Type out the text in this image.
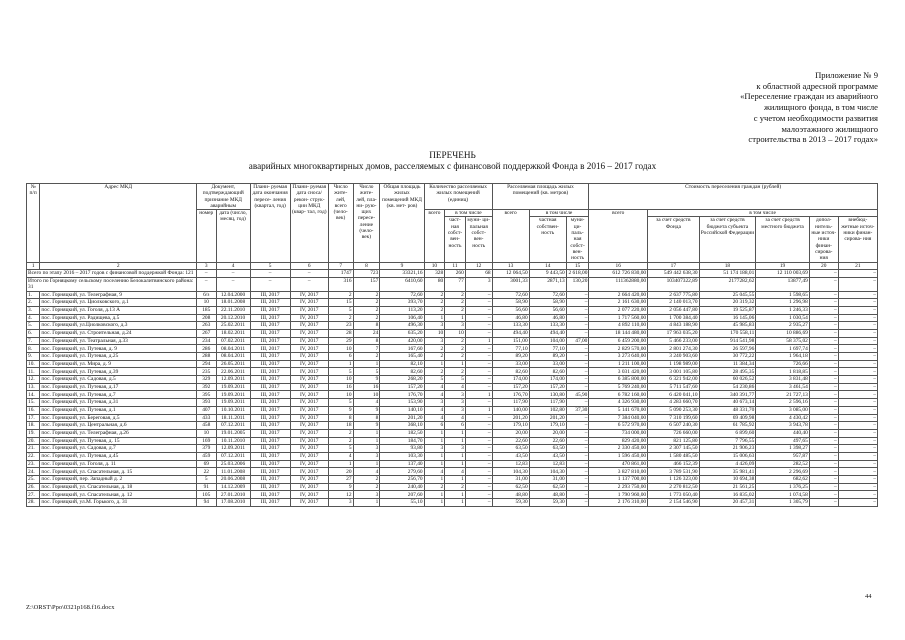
Приложение № 9
к областной адресной программе
«Переселение граждан из аварийного
жилищного фонда, в том числе
с учетом необходимости развития
малоэтажного жилищного
строительства в 2013 – 2017 годах»
ПЕРЕЧЕНЬ
аварийных многоквартирных домов, расселяемых с финансовой поддержкой Фонда в 2016 – 2017 годах
№ п/п	Адрес МКД	Документ, подтверждающий признание МКД аварийным		Плани- руемая дата окончания пересе- ления (квартал, год)	Плани- руемая дата сноса/ рекон- струк- ции МКД (квар- тал, год)	Число жите- лей, всего (чело- век)	Число жите- лей, пла- ни- рую- щих пересе- ление (чело- век)	Общая площадь жилых помещений МКД (кв. мет- ров)	Количество расселяемых жилых помещений (единиц)			Расселяемая площадь жилых помещений (кв. метров)			Стоимость переселения граждан (рублей)					
		номер	дата (число, месяц, год)						всего	в том числе		всего	в том числе		всего	в том числе				
										част- ная собст- вен- ность	муни- ци- пальная собст- вен- ность		частная собствен- ность	муни- ци- паль- ная собст- вен- ность		за счет средств Фонда	за счет средств бюджета субъекта Российской Федерации	за счет средств местного бюджета	допол- нитель- ные источ- ники финан- сирова- ния	внебюд- жетные источ- ники финан- сирова- ния
1	2	3	4	5	6	7	8	9	10	11	12	13	14	15	16	17	18	19	20	21
Всего по этапу 2016 – 2017 годов с финансовой поддержкой Фонда: 121		–	–	–	–	1747	723	33321,16	328	260	68	12 064,50	9 443,50	2 618,00	612 726 830,00	549 442 638,30	51 174 188,01	12 110 003,69	–	–
Итого по Горняцкому сельскому поселению Белокалитвинского района: 31		–	–	–	–	316	157	6410,60	80	77	3	3001,33	2871,13	130,20	111362880,00	103407322,89	2177282,62	13877,49	–	–
1.	пос. Горняцкий, ул. Телеграфная, 9	6/з	12.04.2000	III, 2017	IV, 2017	2	2	72,60	2	2	–	72,60	72,60	–	2 664 420,00	2 637 775,80	25 045,55	1 598,65	–	–
2.	пос. Горняцкий, ул. Циолковского, д.1	10	18.01.2008	III, 2017	IV, 2017	15	2	393,70	2	2	–	58,90	58,90	–	2 161 630,00	2 140 013,70	20 319,32	1 296,98	–	–
3.	пос. Горняцкий, ул. Гоголя, д.13 А	185	22.11.2010	III, 2017	IV, 2017	5	2	113,20	2	2	–	56,60	56,60	–	2 077 220,00	2 056 447,80	19 525,87	1 246,33	–	–
4.	пос. Горняцкий, ул. Радищева, д.5	208	20.12.2010	III, 2017	IV, 2017	2	2	106,40	1	1	–	46,80	46,80	–	1 717 560,00	1 700 384,40	16 145,06	1 030,54	–	–
5.	пос. Горняцкий, ул.Циолковского, д.3	263	25.02.2011	III, 2017	IV, 2017	23	8	496,30	3	3	–	133,30	133,30	–	4 892 110,00	4 843 188,90	45 985,83	2 935,27	–	–
6.	пос. Горняцкий, ул. Строительная, д.24	267	18.02.2011	III, 2017	IV, 2017	28	24	635,20	10	10	–	494,40	494,40	–	18 144 480,00	17 963 035,20	170 558,11	10 886,69	–	–
7.	пос. Горняцкий, ул. Театральная, д.33	234	07.02.2011	III, 2017	IV, 2017	29	8	420,00	3	2	1	151,00	104,00	47,00	6 459 200,00	5 466 233,00	914 541,98	58 375,02	–	–
8.	пос. Горняцкий, ул. Путевая, д. 9	286	08.04.2011	III, 2017	IV, 2017	10	7	167,60	2	2	–	77,10	77,10	–	2 829 570,00	2 801 274,30	26 597,96	1 697,74	–	–
9.	пос. Горняцкий, ул. Путевая, д.25	288	08.04.2011	III, 2017	IV, 2017	6	2	165,40	2	2	–	89,20	89,20	–	3 273 640,00	3 240 903,60	30 772,22	1 964,18	–	–
10.	пос. Горняцкий, ул. Мира, д. 9	294	26.05.2011	III, 2017	IV, 2017	1	1	82,10	1	1	–	33,00	33,00	–	1 211 100,00	1 198 989,00	11 384,34	726,66	–	–
11.	пос. Горняцкий, ул. Путевая, д.39	235	22.06.2011	III, 2017	IV, 2017	5	5	82,60	2	2	–	82,60	82,60	–	3 031 420,00	3 001 105,80	28 495,35	1 818,85	–	–
12.	пос. Горняцкий, ул. Садовая, д.5	329	12.09.2011	III, 2017	IV, 2017	10	9	268,20	5	5	–	174,00	174,00	–	6 385 800,00	6 321 942,00	60 026,52	3 831,48	–	–
13.	пос. Горняцкий, ул. Путевая, д.17	392	19.09.2011	III, 2017	IV, 2017	16	16	157,20	4	4	–	157,20	157,20	–	5 769 240,00	5 711 547,60	54 230,86	3 461,54	–	–
14.	пос. Горняцкий, ул. Путевая, д.7	395	19.09.2011	III, 2017	IV, 2017	10	10	176,70	4	3	1	176,70	130,80	45,90	6 782 160,00	6 420 041,10	340 391,77	21 727,13	–	–
15.	пос. Горняцкий, ул. Путевая, д.31	393	19.09.2011	III, 2017	IV, 2017	5	4	153,90	3	3	–	117,90	117,90	–	4 326 930,00	4 283 660,70	40 673,14	2 596,16	–	–
16.	пос. Горняцкий, ул. Путевая, д.1	407	10.10.2011	III, 2017	IV, 2017	9	9	140,10	4	3	1	140,00	102,80	37,30	5 141 670,00	5 090 253,30	48 331,70	3 085,00	–	–
17.	пос. Горняцкий, ул. Береговая, д.5	433	18.11.2011	III, 2017	IV, 2017	8	8	201,20	4	4	–	201,20	201,20	–	7 384 040,00	7 310 199,60	69 409,98	4 430,42	–	–
18.	пос. Горняцкий, ул. Центральная, д.6	458	07.12.2011	III, 2017	IV, 2017	18	9	368,10	6	6	–	179,10	179,10	–	6 572 970,00	6 507 240,30	61 785,92	3 943,78	–	–
19.	пос. Горняцкий, ул. Телеграфная, д.26	10	19.01.2005	III, 2017	IV, 2017	2	1	182,50	1	1	–	20,00	20,00	–	734 000,00	726 660,00	6 899,60	440,40	–	–
20.	пос. Горняцкий, ул. Путевая, д. 15	169	10.11.2010	III, 2017	IV, 2017	2	1	184,70	1	1	–	22,60	22,60	–	829 420,00	821 125,80	7 796,55	497,65	–	–
21.	пос. Горняцкий, ул. Садовая, д.7	379	12.09.2011	III, 2017	IV, 2017	5	3	93,80	3	3	–	63,50	63,50	–	2 330 450,00	2 307 145,50	21 906,23	1 398,27	–	–
22.	пос. Горняцкий, ул. Путевая, д.45	459	07.12.2011	III, 2017	IV, 2017	4	3	103,30	1	1	–	43,50	43,50	–	1 596 450,00	1 580 485,50	15 006,63	957,87	–	–
23.	пос. Горняцкий, ул. Гоголя, д. 11	69	25.03.2006	III, 2017	IV, 2017	1	1	137,40	1	1	–	12,83	12,83	–	470 861,00	466 152,39	4 426,09	282,52	–	–
24.	пос. Горняцкий, ул. Спасательная, д. 15	22	11.01.2008	III, 2017	IV, 2017	20	4	279,60	4	4	–	104,30	104,30	–	3 827 810,00	3 789 531,90	35 981,41	2 296,69	–	–
25.	пос. Горняцкий, пер. Западный д. 2	5	20.06.2008	III, 2017	IV, 2017	27	2	256,70	1	1	–	31,00	31,00	–	1 137 700,00	1 126 323,00	10 694,38	682,62	–	–
26.	пос. Горняцкий, ул. Спасательная, д. 18	91	14.12.2009	III, 2017	IV, 2017	9	2	240,40	2	2	–	62,50	62,50	–	2 293 750,00	2 270 812,50	21 561,25	1 376,25	–	–
27.	пос. Горняцкий, ул. Спасательная, д. 12	105	27.01.2010	III, 2017	IV, 2017	12	3	207,60	1	1	–	48,80	48,80	–	1 790 960,00	1 773 050,40	16 835,02	1 074,58	–	–
28.	пос. Горняцкий, ул.М. Горького, д. 31	94	17.08.2010	III, 2017	IV, 2017	3	1	55,10	1	1	–	59,30	59,30	–	2 176 310,00	2 154 546,90	20 457,31	1 305,79	–	–
44
Z:\ORST\Ppo\0321p168.f16.docx
